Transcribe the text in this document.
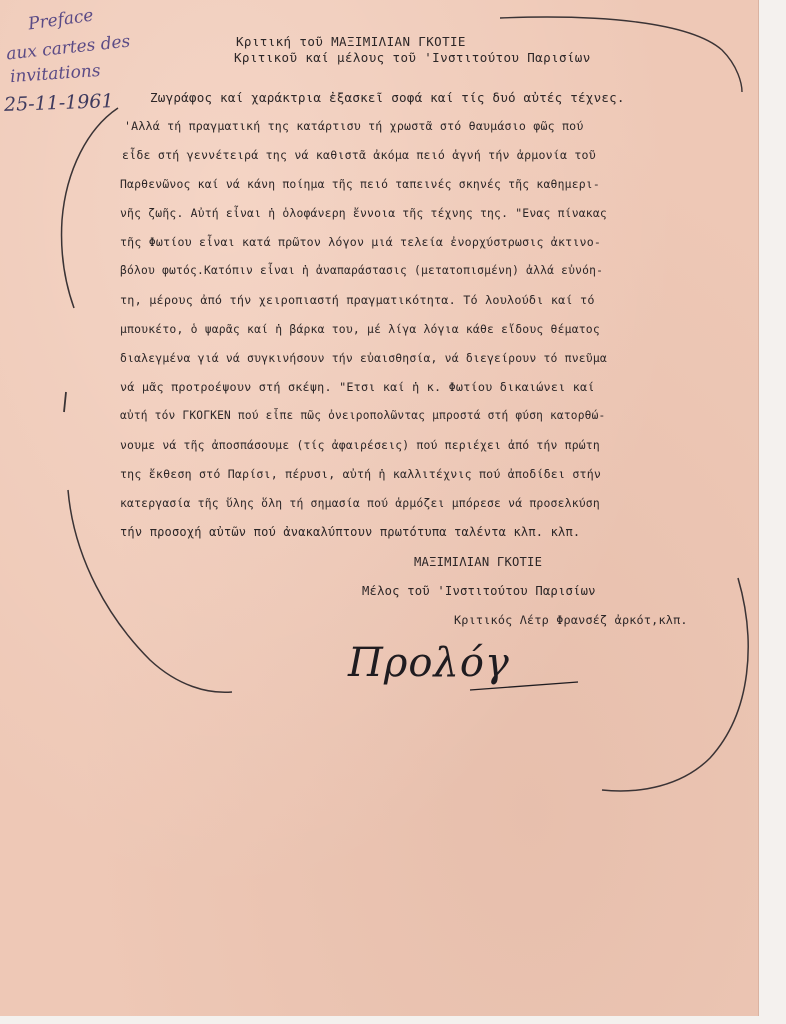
Preface
aux cartes des
invitations
25-11-1961
Κριτική τοῦ ΜΑΞΙΜΙΛΙΑΝ ΓΚΟΤΙΕ
Κριτικοῦ καί μέλους τοῦ 'Ινστιτούτου Παρισίων
Ζωγράφος καί χαράκτρια ἐξασκεῖ σοφά καί τίς δυό αὐτές τέχνες.
'Αλλά τή πραγματική της κατάρτισυ τή χρωστᾶ στό θαυμάσιο φῶς πού
εἶδε στή γεννέτειρά της νά καθιστᾶ ἀκόμα πειό ἁγνή τήν ἁρμονία τοῦ
Παρθενῶνος καί νά κάνη ποίημα τῆς πειό ταπεινές σκηνές τῆς καθημερι-
νῆς ζωῆς. Αὐτή εἶναι ἡ ὁλοφάνερη ἔννοια τῆς τέχνης της. "Ενας πίνακας
τῆς Φωτίου εἶναι κατά πρῶτον λόγον μιά τελεία ἐνορχύστρωσις ἀκτινο-
βόλου φωτός.Κατόπιν εἶναι ἡ ἀναπαράστασις (μετατοπισμένη) ἀλλά εὐνόη-
τη, μέρους ἀπό τήν χειροπιαστή πραγματικότητα. Τό λουλούδι καί τό
μπουκέτο, ὁ ψαρᾶς καί ἡ βάρκα του, μέ λίγα λόγια κάθε εἴδους θέματος
διαλεγμένα γιά νά συγκινήσουν τήν εὐαισθησία, νά διεγείρουν τό πνεῦμα
νά μᾶς προτροέψουν στή σκέψη. "Ετσι καί ἡ κ. Φωτίου δικαιώνει καί
αὐτή τόν ΓΚΟΓΚΕΝ πού εἶπε πῶς ὀνειροπολῶντας μπροστά στή φύση κατορθώ-
νουμε νά τῆς ἀποσπάσουμε (τίς ἀφαιρέσεις) πού περιέχει ἀπό τήν πρώτη
της ἔκθεση στό Παρίσι, πέρυσι, αὐτή ἡ καλλιτέχνις πού ἀποδίδει στήν
κατεργασία τῆς ὕλης ὅλη τή σημασία πού ἁρμόζει μπόρεσε νά προσελκύση
τήν προσοχή αὐτῶν πού ἀνακαλύπτουν πρωτότυπα ταλέντα κλπ. κλπ.
ΜΑΞΙΜΙΛΙΑΝ ΓΚΟΤΙΕ
Μέλος τοῦ 'Ινστιτούτου Παρισίων
Κριτικός Λέτρ Φρανσέζ ἀρκότ,κλπ.
Προλόγ
